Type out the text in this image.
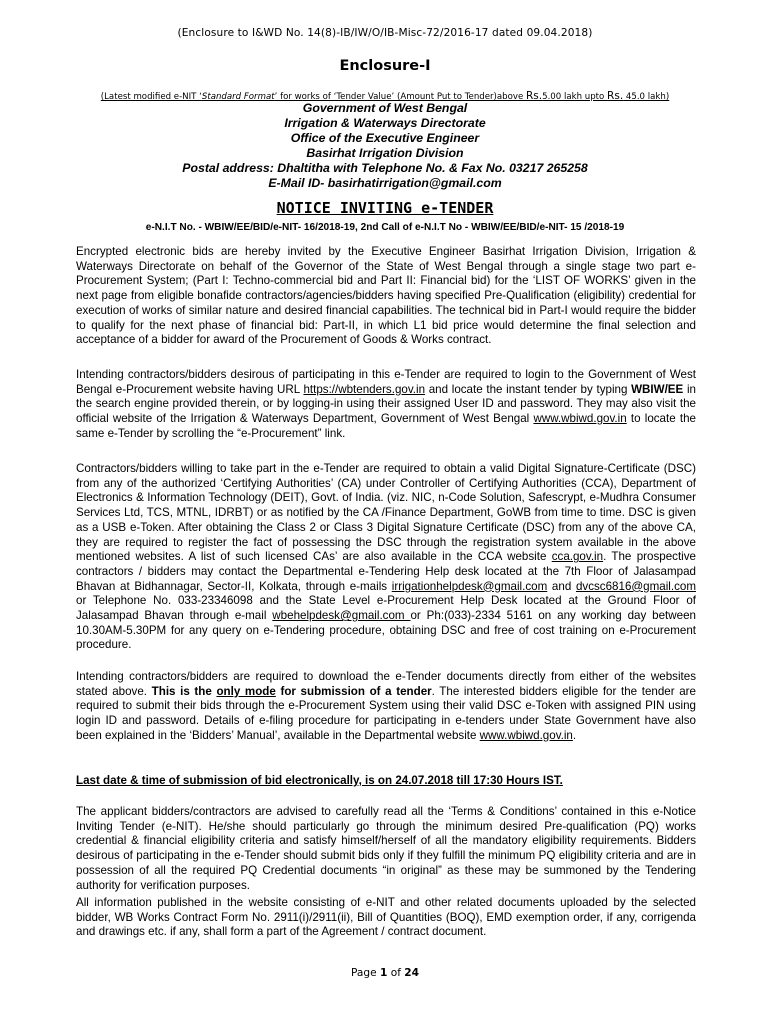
(Enclosure to I&WD No. 14(8)-IB/IW/O/IB-Misc-72/2016-17 dated 09.04.2018)
Enclosure-I
(Latest modified e-NIT ‘Standard Format’ for works of ‘Tender Value’ (Amount Put to Tender)above Rs.5.00 lakh upto Rs. 45.0 lakh)
Government of West Bengal
Irrigation & Waterways Directorate
Office of the Executive Engineer
Basirhat Irrigation Division
Postal address: Dhaltitha with Telephone No. & Fax No. 03217 265258
E-Mail ID- basirhatirrigation@gmail.com
NOTICE INVITING e-TENDER
e-N.I.T No. - WBIW/EE/BID/e-NIT- 16/2018-19, 2nd Call of e-N.I.T No - WBIW/EE/BID/e-NIT- 15 /2018-19
Encrypted electronic bids are hereby invited by the Executive Engineer Basirhat Irrigation Division, Irrigation & Waterways Directorate on behalf of the Governor of the State of West Bengal through a single stage two part e-Procurement System; (Part I: Techno-commercial bid and Part II: Financial bid) for the ‘LIST OF WORKS’ given in the next page from eligible bonafide contractors/agencies/bidders having specified Pre-Qualification (eligibility) credential for execution of works of similar nature and desired financial capabilities. The technical bid in Part-I would require the bidder to qualify for the next phase of financial bid: Part-II, in which L1 bid price would determine the final selection and acceptance of a bidder for award of the Procurement of Goods & Works contract.
Intending contractors/bidders desirous of participating in this e-Tender are required to login to the Government of West Bengal e-Procurement website having URL https://wbtenders.gov.in and locate the instant tender by typing WBIW/EE in the search engine provided therein, or by logging-in using their assigned User ID and password. They may also visit the official website of the Irrigation & Waterways Department, Government of West Bengal www.wbiwd.gov.in to locate the same e-Tender by scrolling the “e-Procurement” link.
Contractors/bidders willing to take part in the e-Tender are required to obtain a valid Digital Signature-Certificate (DSC) from any of the authorized ‘Certifying Authorities’ (CA) under Controller of Certifying Authorities (CCA), Department of Electronics & Information Technology (DEIT), Govt. of India. (viz. NIC, n-Code Solution, Safescrypt, e-Mudhra Consumer Services Ltd, TCS, MTNL, IDRBT) or as notified by the CA /Finance Department, GoWB from time to time. DSC is given as a USB e-Token. After obtaining the Class 2 or Class 3 Digital Signature Certificate (DSC) from any of the above CA, they are required to register the fact of possessing the DSC through the registration system available in the above mentioned websites. A list of such licensed CAs’ are also available in the CCA website cca.gov.in. The prospective contractors / bidders may contact the Departmental e-Tendering Help desk located at the 7th Floor of Jalasampad Bhavan at Bidhannagar, Sector-II, Kolkata, through e-mails irrigationhelpdesk@gmail.com and dvcsc6816@gmail.com or Telephone No. 033-23346098 and the State Level e-Procurement Help Desk located at the Ground Floor of Jalasampad Bhavan through e-mail wbehelpdesk@gmail.com or Ph:(033)-2334 5161 on any working day between 10.30AM-5.30PM for any query on e-Tendering procedure, obtaining DSC and free of cost training on e-Procurement procedure.
Intending contractors/bidders are required to download the e-Tender documents directly from either of the websites stated above. This is the only mode for submission of a tender. The interested bidders eligible for the tender are required to submit their bids through the e-Procurement System using their valid DSC e-Token with assigned PIN using login ID and password. Details of e-filing procedure for participating in e-tenders under State Government have also been explained in the ‘Bidders’ Manual’, available in the Departmental website www.wbiwd.gov.in.
Last date & time of submission of bid electronically, is on 24.07.2018 till 17:30 Hours IST.
The applicant bidders/contractors are advised to carefully read all the ‘Terms & Conditions’ contained in this e-Notice Inviting Tender (e-NIT). He/she should particularly go through the minimum desired Pre-qualification (PQ) works credential & financial eligibility criteria and satisfy himself/herself of all the mandatory eligibility requirements. Bidders desirous of participating in the e-Tender should submit bids only if they fulfill the minimum PQ eligibility criteria and are in possession of all the required PQ Credential documents “in original” as these may be summoned by the Tendering authority for verification purposes.
All information published in the website consisting of e-NIT and other related documents uploaded by the selected bidder, WB Works Contract Form No. 2911(i)/2911(ii), Bill of Quantities (BOQ), EMD exemption order, if any, corrigenda and drawings etc. if any, shall form a part of the Agreement / contract document.
Page 1 of 24
